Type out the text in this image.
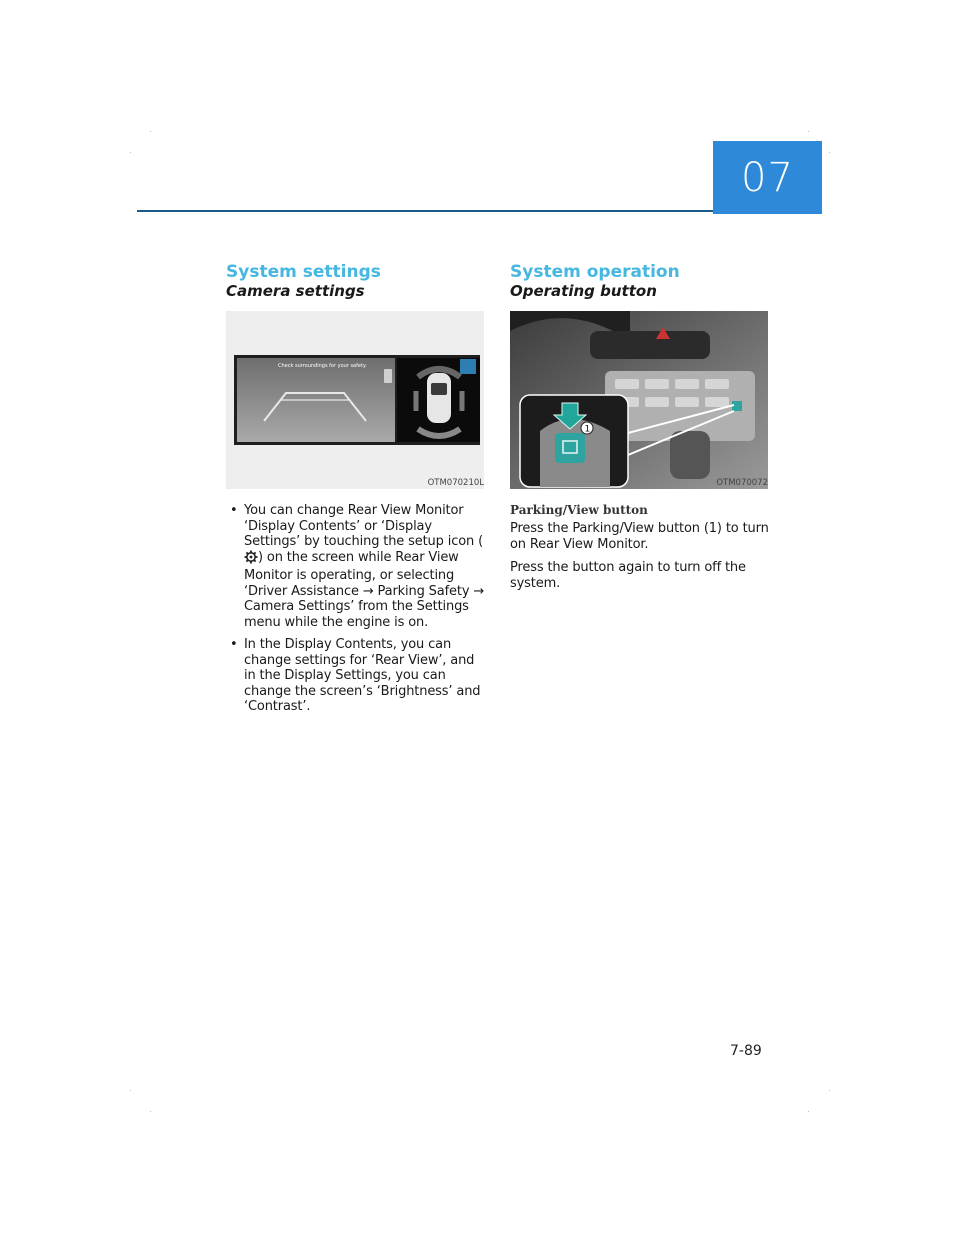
07
System settings
Camera settings
Check surroundings for your safety.
OTM070210L
• You can change Rear View Monitor ‘Display Contents’ or ‘Display Settings’ by touching the setup icon () on the screen while Rear View Monitor is operating, or selecting ‘Driver Assistance → Parking Safety → Camera Settings’ from the Settings menu while the engine is on.
• In the Display Contents, you can change settings for ‘Rear View’, and in the Display Settings, you can change the screen’s ‘Brightness’ and ‘Contrast’.
System operation
Operating button
1
OTM070072
Parking/View button

Press the Parking/View button (1) to turn on Rear View Monitor.

Press the button again to turn off the system.

7-89
